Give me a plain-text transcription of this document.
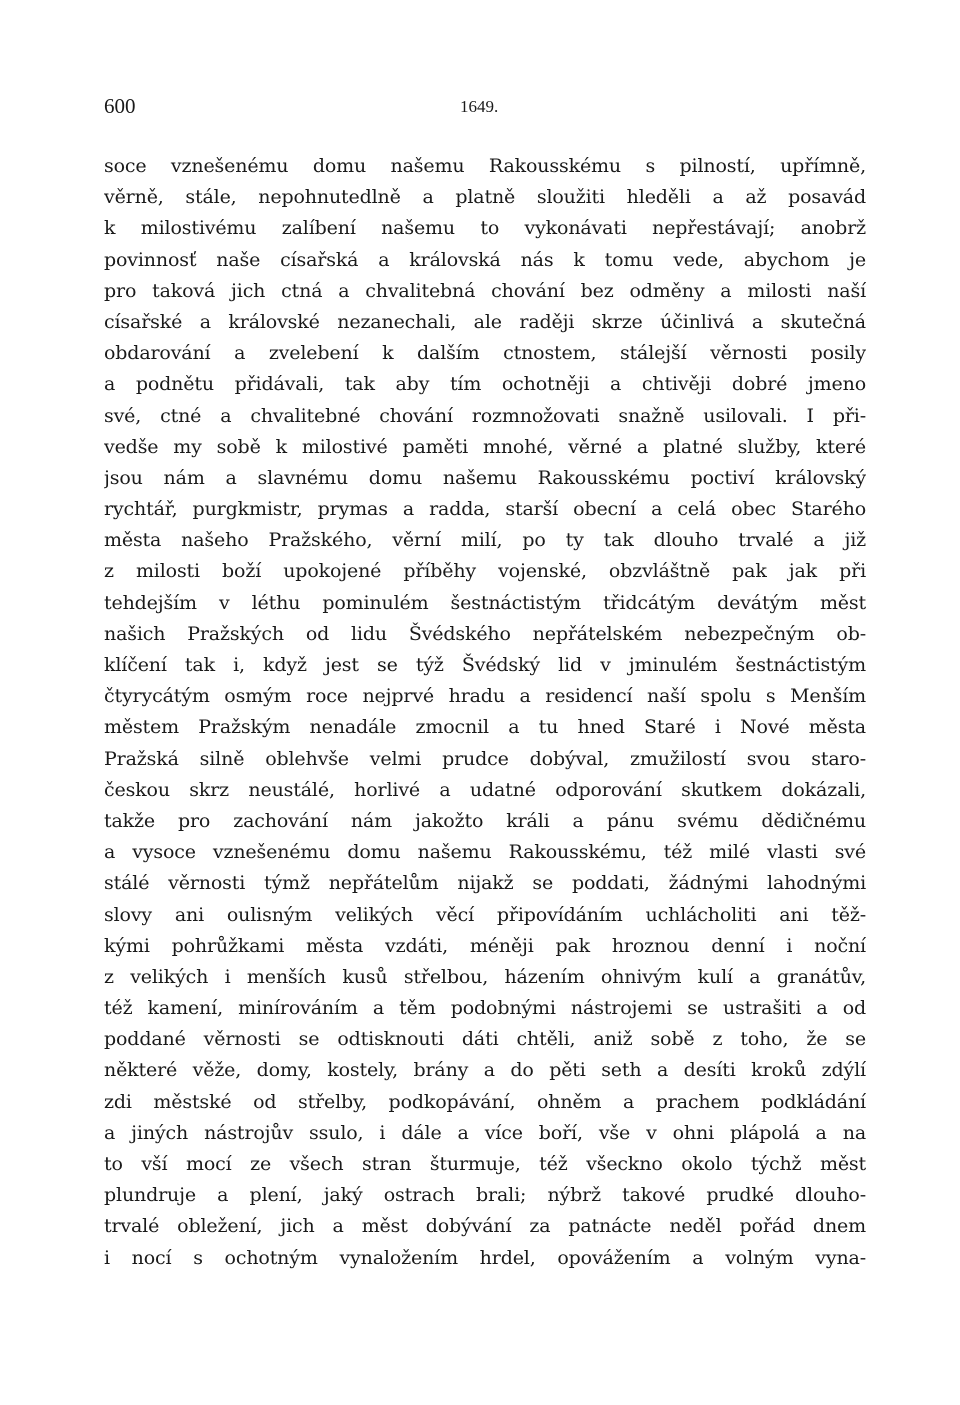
600	1649.
soce vznešenému domu našemu Rakousskému s pilností, upřímně,
věrně, stále, nepohnutedlně a platně sloužiti hleděli a až posavád
k milostivému zalíbení našemu to vykonávati nepřestávají; anobrž
povinnosť naše císařská a královská nás k tomu vede, abychom je
pro taková jich ctná a chvalitebná chování bez odměny a milosti naší
císařské a královské nezanechali, ale raději skrze účinlivá a skutečná
obdarování a zvelebení k dalším ctnostem, stálejší věrnosti posily
a podnětu přidávali, tak aby tím ochotněji a chtivěji dobré jmeno
své, ctné a chvalitebné chování rozmnožovati snažně usilovali. I při-
vedše my sobě k milostivé paměti mnohé, věrné a platné služby, které
jsou nám a slavnému domu našemu Rakousskému poctiví královský
rychtář, purgkmistr, prymas a radda, starší obecní a celá obec Starého
města našeho Pražského, věrní milí, po ty tak dlouho trvalé a již
z milosti boží upokojené příběhy vojenské, obzvláštně pak jak při
tehdejším v léthu pominulém šestnáctistým třidcátým devátým měst
našich Pražských od lidu Švédského nepřátelském nebezpečným ob-
klíčení tak i, když jest se týž Švédský lid v jminulém šestnáctistým
čtyrycátým osmým roce nejprvé hradu a residencí naší spolu s Menším
městem Pražským nenadále zmocnil a tu hned Staré i Nové města
Pražská silně oblehvše velmi prudce dobýval, zmužilostí svou staro-
českou skrz neustálé, horlivé a udatné odporování skutkem dokázali,
takže pro zachování nám jakožto králi a pánu svému dědičnému
a vysoce vznešenému domu našemu Rakousskému, též milé vlasti své
stálé věrnosti týmž nepřátelům nijakž se poddati, žádnými lahodnými
slovy ani oulisným velikých věcí připovídáním uchlácholiti ani těž-
kými pohrůžkami města vzdáti, méněji pak hroznou denní i noční
z velikých i menších kusů střelbou, házením ohnivým kulí a granátův,
též kamení, minírováním a těm podobnými nástrojemi se ustrašiti a od
poddané věrnosti se odtisknouti dáti chtěli, aniž sobě z toho, že se
některé věže, domy, kostely, brány a do pěti seth a desíti kroků zdýlí
zdi městské od střelby, podkopávání, ohněm a prachem podkládání
a jiných nástrojův ssulo, i dále a více boří, vše v ohni plápolá a na
to vší mocí ze všech stran šturmuje, též všeckno okolo týchž měst
plundruje a plení, jaký ostrach brali; nýbrž takové prudké dlouho-
trvalé obležení, jich a měst dobývání za patnácte neděl pořád dnem
i nocí s ochotným vynaložením hrdel, opovážením a volným vyna-
